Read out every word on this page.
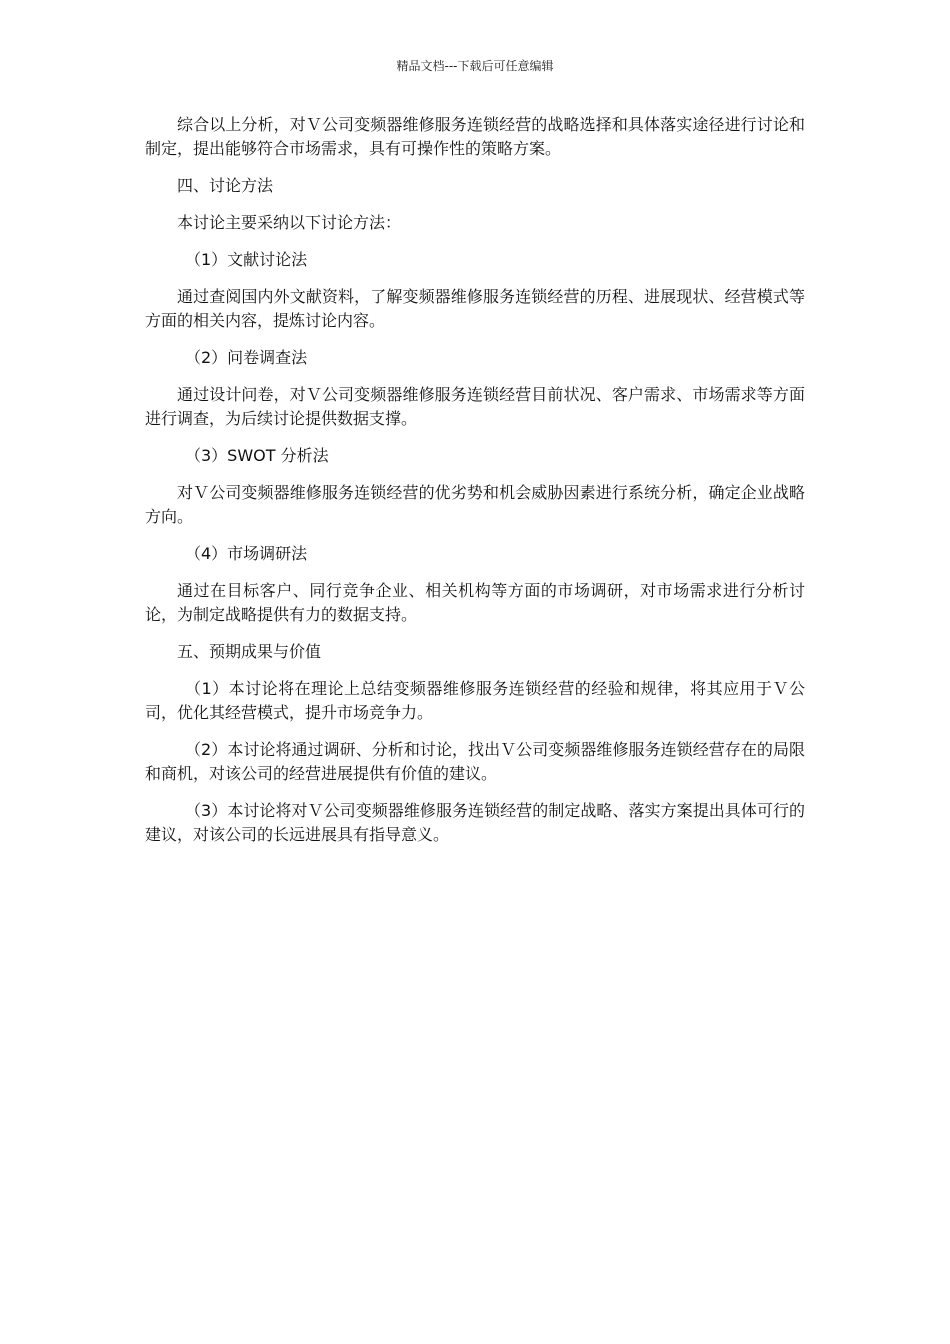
精品文档---下载后可任意编辑

综合以上分析，对Ｖ公司变频器维修服务连锁经营的战略选择和具体落实途径进行讨论和制定，提出能够符合市场需求，具有可操作性的策略方案。

四、讨论方法

本讨论主要采纳以下讨论方法：

（1）文献讨论法

通过查阅国内外文献资料，了解变频器维修服务连锁经营的历程、进展现状、经营模式等方面的相关内容，提炼讨论内容。

（2）问卷调查法

通过设计问卷，对Ｖ公司变频器维修服务连锁经营目前状况、客户需求、市场需求等方面进行调查，为后续讨论提供数据支撑。

（3）SWOT 分析法

对Ｖ公司变频器维修服务连锁经营的优劣势和机会威胁因素进行系统分析，确定企业战略方向。

（4）市场调研法

通过在目标客户、同行竞争企业、相关机构等方面的市场调研，对市场需求进行分析讨论，为制定战略提供有力的数据支持。

五、预期成果与价值

（1）本讨论将在理论上总结变频器维修服务连锁经营的经验和规律，将其应用于Ｖ公司，优化其经营模式，提升市场竞争力。

（2）本讨论将通过调研、分析和讨论，找出Ｖ公司变频器维修服务连锁经营存在的局限和商机，对该公司的经营进展提供有价值的建议。

（3）本讨论将对Ｖ公司变频器维修服务连锁经营的制定战略、落实方案提出具体可行的建议，对该公司的长远进展具有指导意义。
